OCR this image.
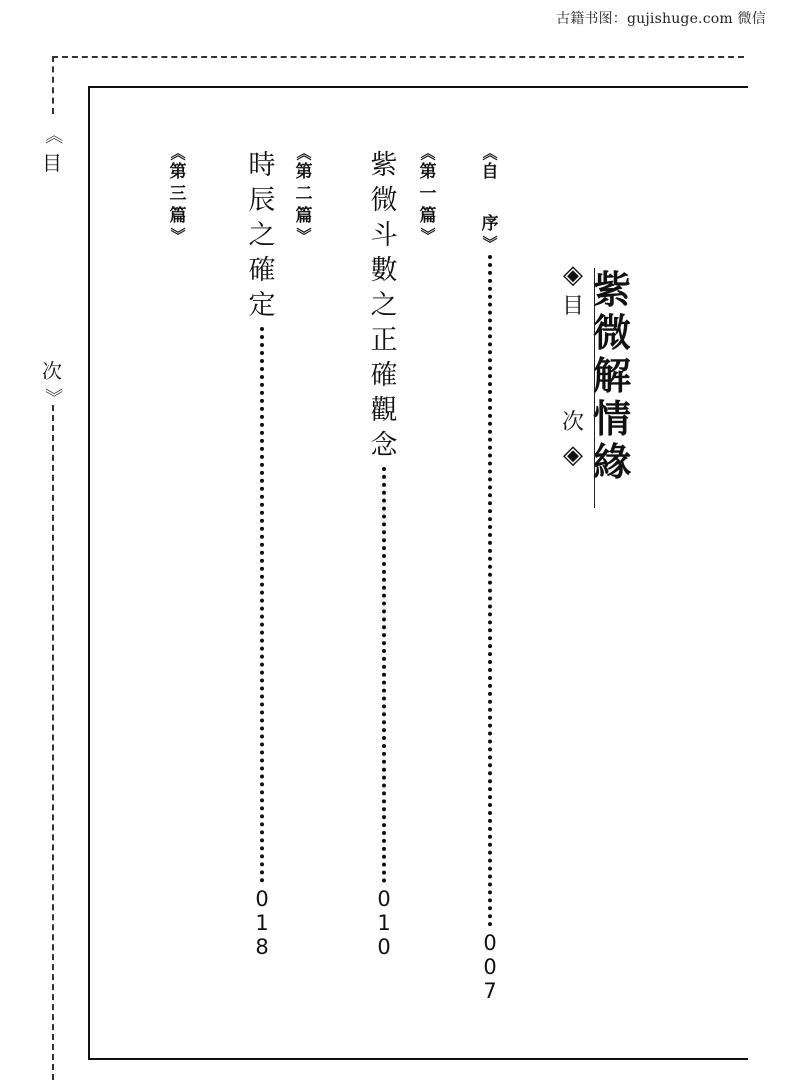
古籍书图：gujishuge.com 微信
《
目
次
》
紫
微
解
情
緣
◈
目
次
◈
《
自
序
》
0
0
7
《
第
一
篇
》
紫
微
斗
數
之
正
確
觀
念
0
1
0
《
第
二
篇
》
時
辰
之
確
定
0
1
8
《
第
三
篇
》
